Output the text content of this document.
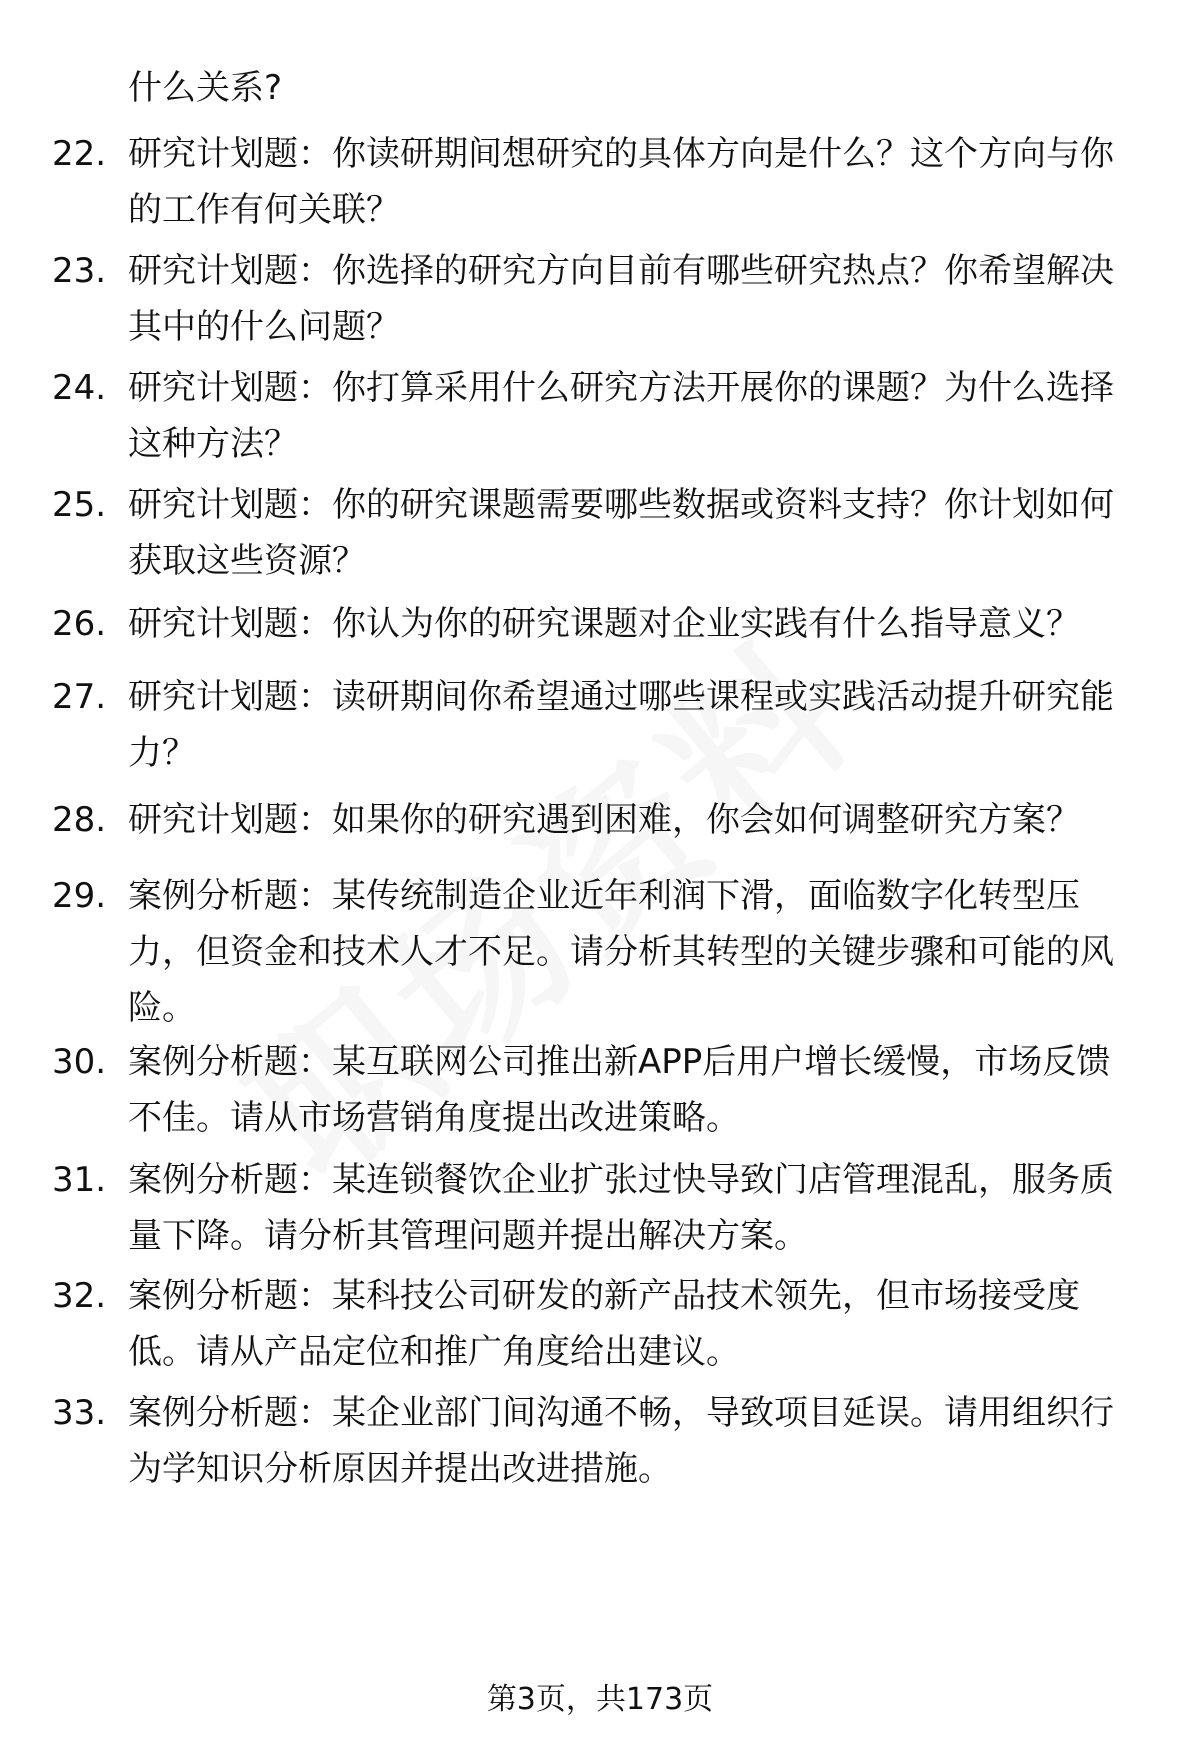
什么关系?
22. 研究计划题：你读研期间想研究的具体方向是什么？这个方向与你的工作有何关联？
23. 研究计划题：你选择的研究方向目前有哪些研究热点？你希望解决其中的什么问题？
24. 研究计划题：你打算采用什么研究方法开展你的课题？为什么选择这种方法？
25. 研究计划题：你的研究课题需要哪些数据或资料支持？你计划如何获取这些资源？
26. 研究计划题：你认为你的研究课题对企业实践有什么指导意义？
27. 研究计划题：读研期间你希望通过哪些课程或实践活动提升研究能力？
28. 研究计划题：如果你的研究遇到困难，你会如何调整研究方案？
29. 案例分析题：某传统制造企业近年利润下滑，面临数字化转型压力，但资金和技术人才不足。请分析其转型的关键步骤和可能的风险。
30. 案例分析题：某互联网公司推出新APP后用户增长缓慢，市场反馈不佳。请从市场营销角度提出改进策略。
31. 案例分析题：某连锁餐饮企业扩张过快导致门店管理混乱，服务质量下降。请分析其管理问题并提出解决方案。
32. 案例分析题：某科技公司研发的新产品技术领先，但市场接受度低。请从产品定位和推广角度给出建议。
33. 案例分析题：某企业部门间沟通不畅，导致项目延误。请用组织行为学知识分析原因并提出改进措施。
第3页，共173页
